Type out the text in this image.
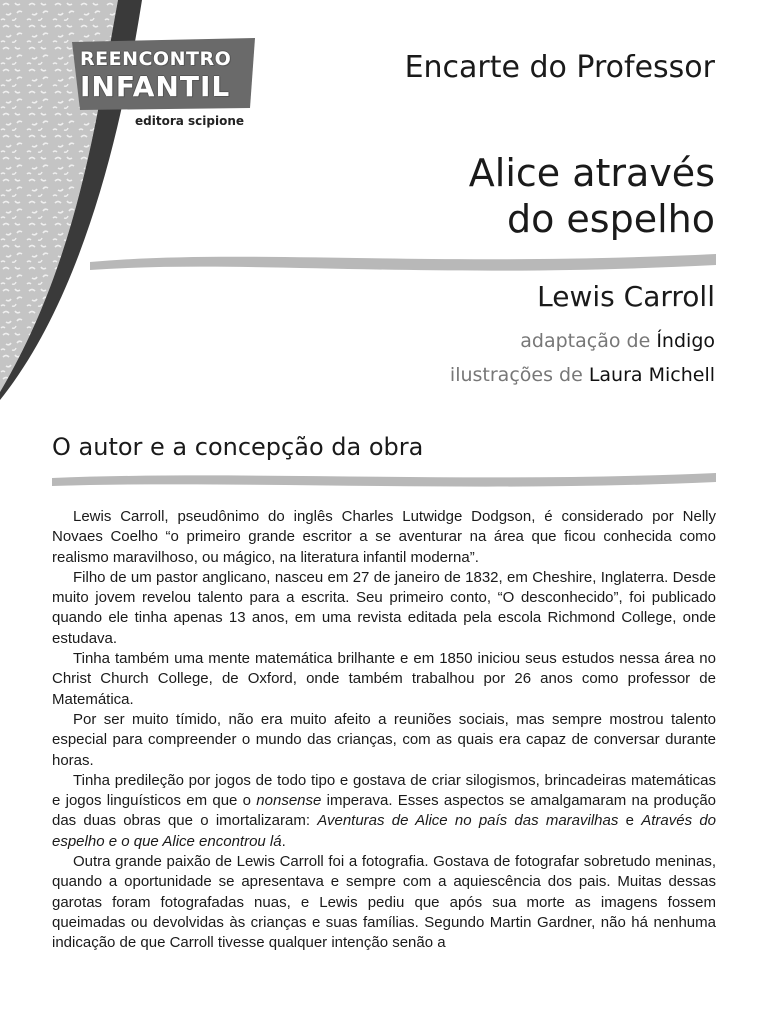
REENCONTRO
INFANTIL
editora scipione
Encarte do Professor
Alice através
do espelho
Lewis Carroll
adaptação de Índigo
ilustrações de Laura Michell
O autor e a concepção da obra

Lewis Carroll, pseudônimo do inglês Charles Lutwidge Dodgson, é considerado por Nelly Novaes Coelho “o primeiro grande escritor a se aventurar na área que ficou conhecida como realismo maravilhoso, ou mágico, na literatura infantil moderna”.

Filho de um pastor anglicano, nasceu em 27 de janeiro de 1832, em Cheshire, Inglaterra. Desde muito jovem revelou talento para a escrita. Seu primeiro conto, “O desconhecido”, foi publicado quando ele tinha apenas 13 anos, em uma revista editada pela escola Richmond College, onde estudava.

Tinha também uma mente matemática brilhante e em 1850 iniciou seus estudos nessa área no Christ Church College, de Oxford, onde também trabalhou por 26 anos como professor de Matemática.

Por ser muito tímido, não era muito afeito a reuniões sociais, mas sempre mostrou talento especial para compreender o mundo das crianças, com as quais era capaz de conversar durante horas.

Tinha predileção por jogos de todo tipo e gostava de criar silogismos, brincadeiras matemáticas e jogos linguísticos em que o nonsense imperava. Esses aspectos se amalgamaram na produção das duas obras que o imortalizaram: Aventuras de Alice no país das maravilhas e Através do espelho e o que Alice encontrou lá.

Outra grande paixão de Lewis Carroll foi a fotografia. Gostava de fotografar sobretudo meninas, quando a oportunidade se apresentava e sempre com a aquiescência dos pais. Muitas dessas garotas foram fotografadas nuas, e Lewis pediu que após sua morte as imagens fossem queimadas ou devolvidas às crianças e suas famílias. Segundo Martin Gardner, não há nenhuma indicação de que Carroll tivesse qualquer intenção senão a
